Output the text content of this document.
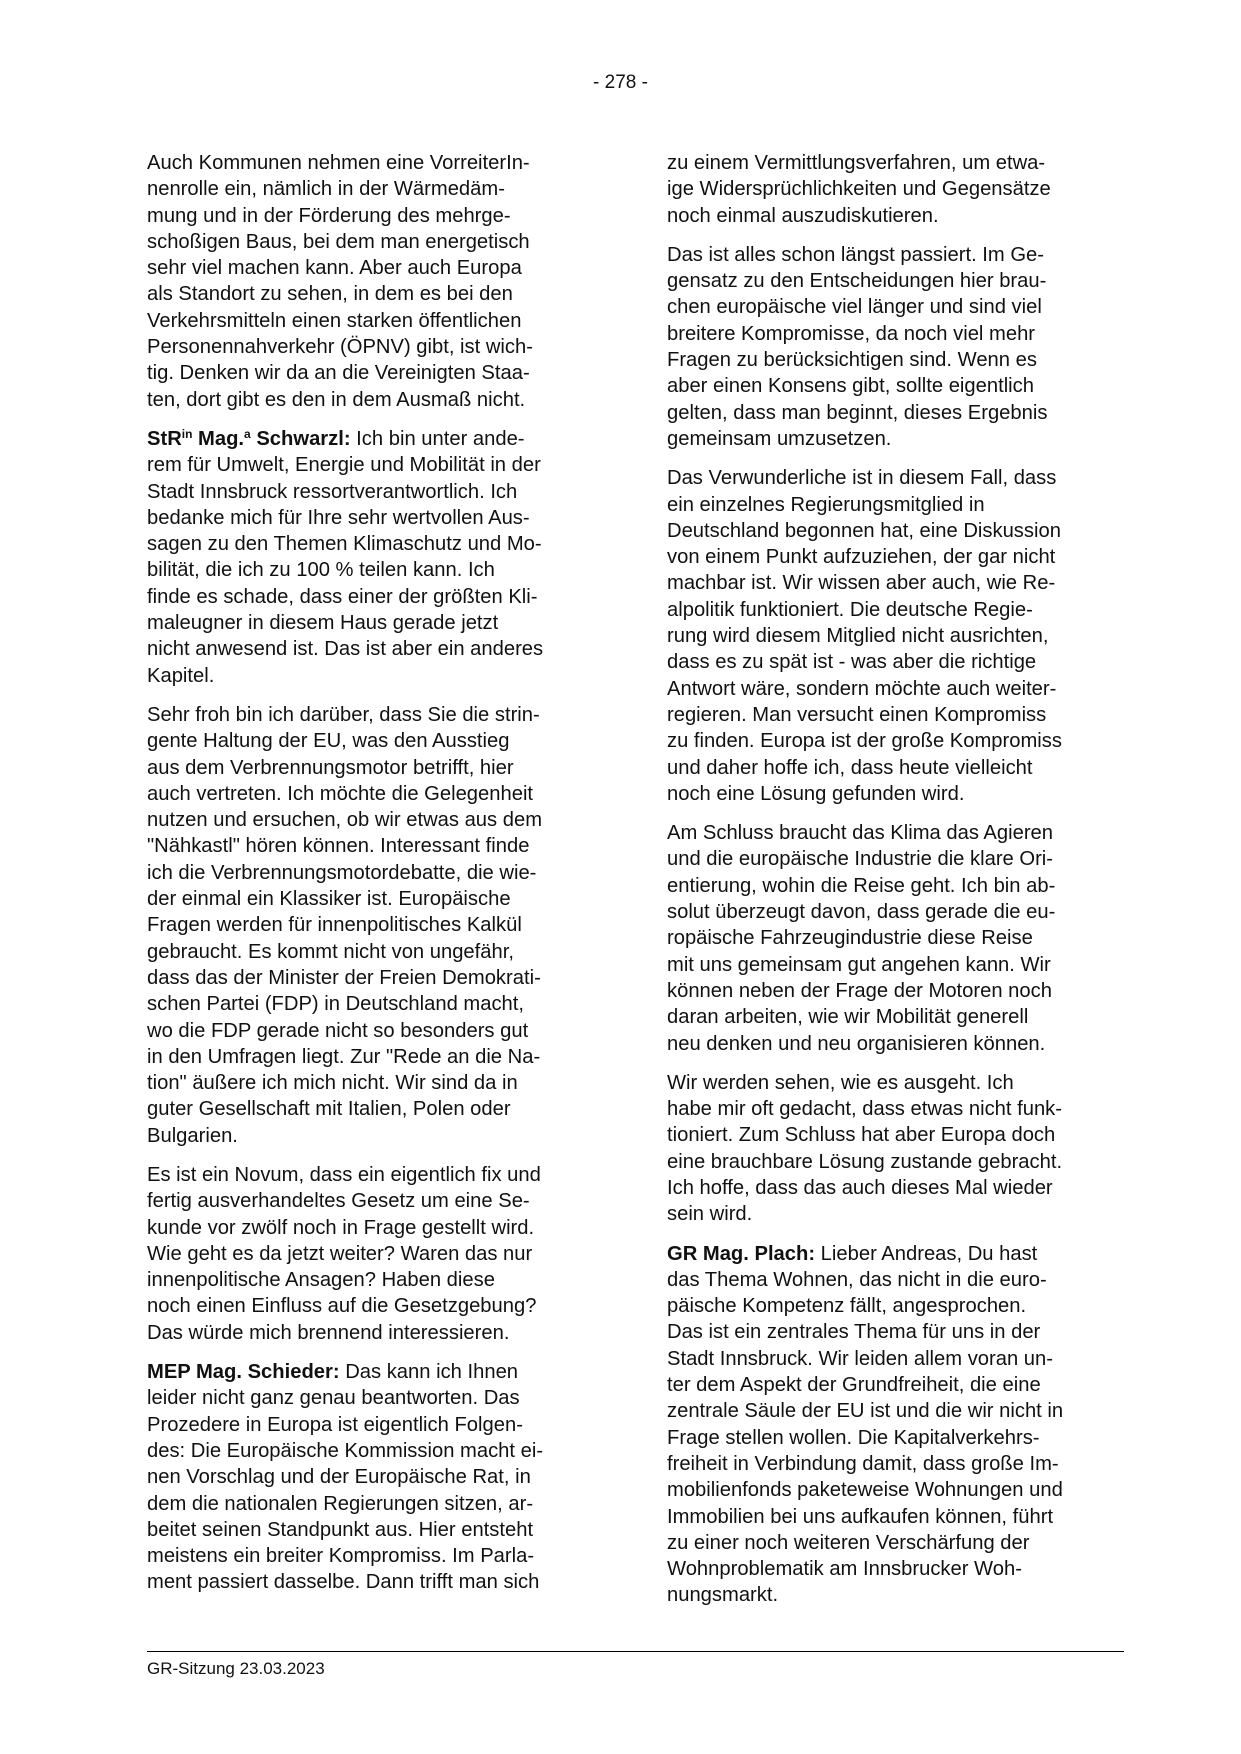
- 278 -

Auch Kommunen nehmen eine VorreiterIn-
nenrolle ein, nämlich in der Wärmedäm-
mung und in der Förderung des mehrge-
schoßigen Baus, bei dem man energetisch
sehr viel machen kann. Aber auch Europa
als Standort zu sehen, in dem es bei den
Verkehrsmitteln einen starken öffentlichen
Personennahverkehr (ÖPNV) gibt, ist wich-
tig. Denken wir da an die Vereinigten Staa-
ten, dort gibt es den in dem Ausmaß nicht.

StR$^{in}$ Mag.$^a$ Schwarzl: Ich bin unter ande-
rem für Umwelt, Energie und Mobilität in der
Stadt Innsbruck ressortverantwortlich. Ich
bedanke mich für Ihre sehr wertvollen Aus-
sagen zu den Themen Klimaschutz und Mo-
bilität, die ich zu 100 % teilen kann. Ich
finde es schade, dass einer der größten Kli-
maleugner in diesem Haus gerade jetzt
nicht anwesend ist. Das ist aber ein anderes
Kapitel.

Sehr froh bin ich darüber, dass Sie die strin-
gente Haltung der EU, was den Ausstieg
aus dem Verbrennungsmotor betrifft, hier
auch vertreten. Ich möchte die Gelegenheit
nutzen und ersuchen, ob wir etwas aus dem
"Nähkastl" hören können. Interessant finde
ich die Verbrennungsmotordebatte, die wie-
der einmal ein Klassiker ist. Europäische
Fragen werden für innenpolitisches Kalkül
gebraucht. Es kommt nicht von ungefähr,
dass das der Minister der Freien Demokrati-
schen Partei (FDP) in Deutschland macht,
wo die FDP gerade nicht so besonders gut
in den Umfragen liegt. Zur "Rede an die Na-
tion" äußere ich mich nicht. Wir sind da in
guter Gesellschaft mit Italien, Polen oder
Bulgarien.

Es ist ein Novum, dass ein eigentlich fix und
fertig ausverhandeltes Gesetz um eine Se-
kunde vor zwölf noch in Frage gestellt wird.
Wie geht es da jetzt weiter? Waren das nur
innenpolitische Ansagen? Haben diese
noch einen Einfluss auf die Gesetzgebung?
Das würde mich brennend interessieren.

MEP Mag. Schieder: Das kann ich Ihnen
leider nicht ganz genau beantworten. Das
Prozedere in Europa ist eigentlich Folgen-
des: Die Europäische Kommission macht ei-
nen Vorschlag und der Europäische Rat, in
dem die nationalen Regierungen sitzen, ar-
beitet seinen Standpunkt aus. Hier entsteht
meistens ein breiter Kompromiss. Im Parla-
ment passiert dasselbe. Dann trifft man sich

zu einem Vermittlungsverfahren, um etwa-
ige Widersprüchlichkeiten und Gegensätze
noch einmal auszudiskutieren.

Das ist alles schon längst passiert. Im Ge-
gensatz zu den Entscheidungen hier brau-
chen europäische viel länger und sind viel
breitere Kompromisse, da noch viel mehr
Fragen zu berücksichtigen sind. Wenn es
aber einen Konsens gibt, sollte eigentlich
gelten, dass man beginnt, dieses Ergebnis
gemeinsam umzusetzen.

Das Verwunderliche ist in diesem Fall, dass
ein einzelnes Regierungsmitglied in
Deutschland begonnen hat, eine Diskussion
von einem Punkt aufzuziehen, der gar nicht
machbar ist. Wir wissen aber auch, wie Re-
alpolitik funktioniert. Die deutsche Regie-
rung wird diesem Mitglied nicht ausrichten,
dass es zu spät ist - was aber die richtige
Antwort wäre, sondern möchte auch weiter-
regieren. Man versucht einen Kompromiss
zu finden. Europa ist der große Kompromiss
und daher hoffe ich, dass heute vielleicht
noch eine Lösung gefunden wird.

Am Schluss braucht das Klima das Agieren
und die europäische Industrie die klare Ori-
entierung, wohin die Reise geht. Ich bin ab-
solut überzeugt davon, dass gerade die eu-
ropäische Fahrzeugindustrie diese Reise
mit uns gemeinsam gut angehen kann. Wir
können neben der Frage der Motoren noch
daran arbeiten, wie wir Mobilität generell
neu denken und neu organisieren können.

Wir werden sehen, wie es ausgeht. Ich
habe mir oft gedacht, dass etwas nicht funk-
tioniert. Zum Schluss hat aber Europa doch
eine brauchbare Lösung zustande gebracht.
Ich hoffe, dass das auch dieses Mal wieder
sein wird.

GR Mag. Plach: Lieber Andreas, Du hast
das Thema Wohnen, das nicht in die euro-
päische Kompetenz fällt, angesprochen.
Das ist ein zentrales Thema für uns in der
Stadt Innsbruck. Wir leiden allem voran un-
ter dem Aspekt der Grundfreiheit, die eine
zentrale Säule der EU ist und die wir nicht in
Frage stellen wollen. Die Kapitalverkehrs-
freiheit in Verbindung damit, dass große Im-
mobilienfonds paketeweise Wohnungen und
Immobilien bei uns aufkaufen können, führt
zu einer noch weiteren Verschärfung der
Wohnproblematik am Innsbrucker Woh-
nungsmarkt.

GR-Sitzung 23.03.2023
